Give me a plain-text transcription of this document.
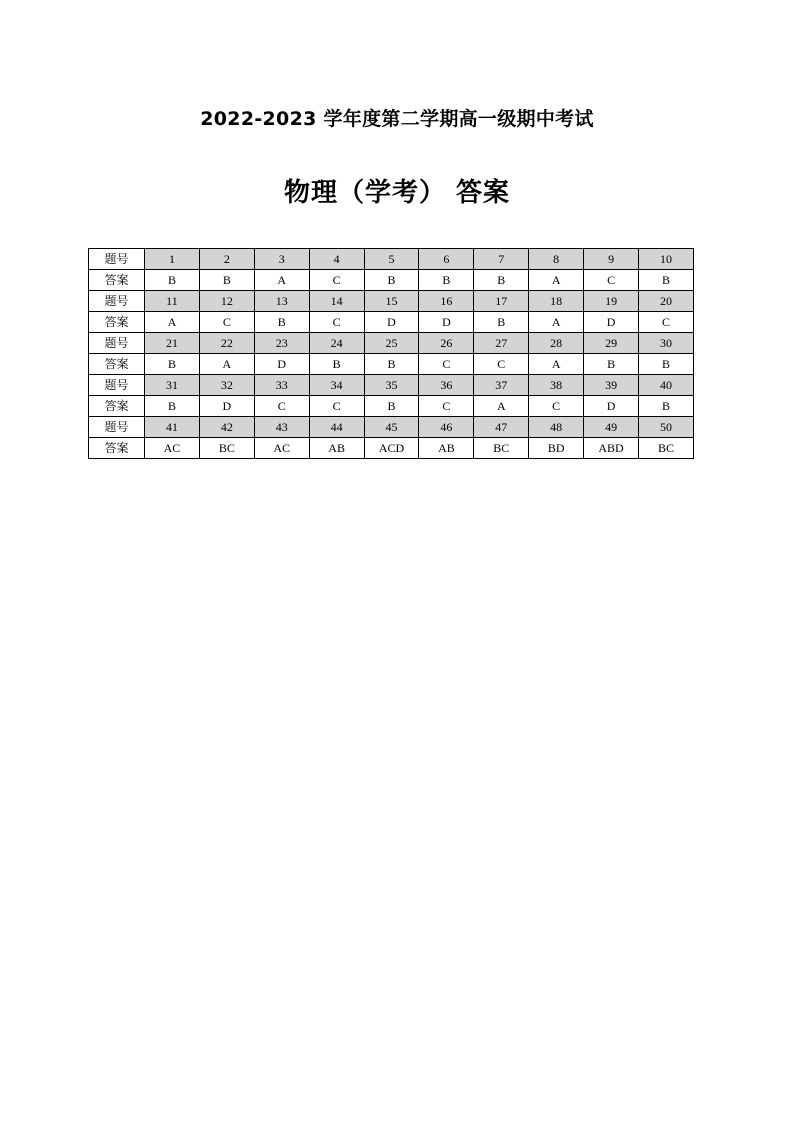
2022-2023 学年度第二学期高一级期中考试
物理（学考） 答案
题号	1	2	3	4	5	6	7	8	9	10
答案	B	B	A	C	B	B	B	A	C	B
题号	11	12	13	14	15	16	17	18	19	20
答案	A	C	B	C	D	D	B	A	D	C
题号	21	22	23	24	25	26	27	28	29	30
答案	B	A	D	B	B	C	C	A	B	B
题号	31	32	33	34	35	36	37	38	39	40
答案	B	D	C	C	B	C	A	C	D	B
题号	41	42	43	44	45	46	47	48	49	50
答案	AC	BC	AC	AB	ACD	AB	BC	BD	ABD	BC
